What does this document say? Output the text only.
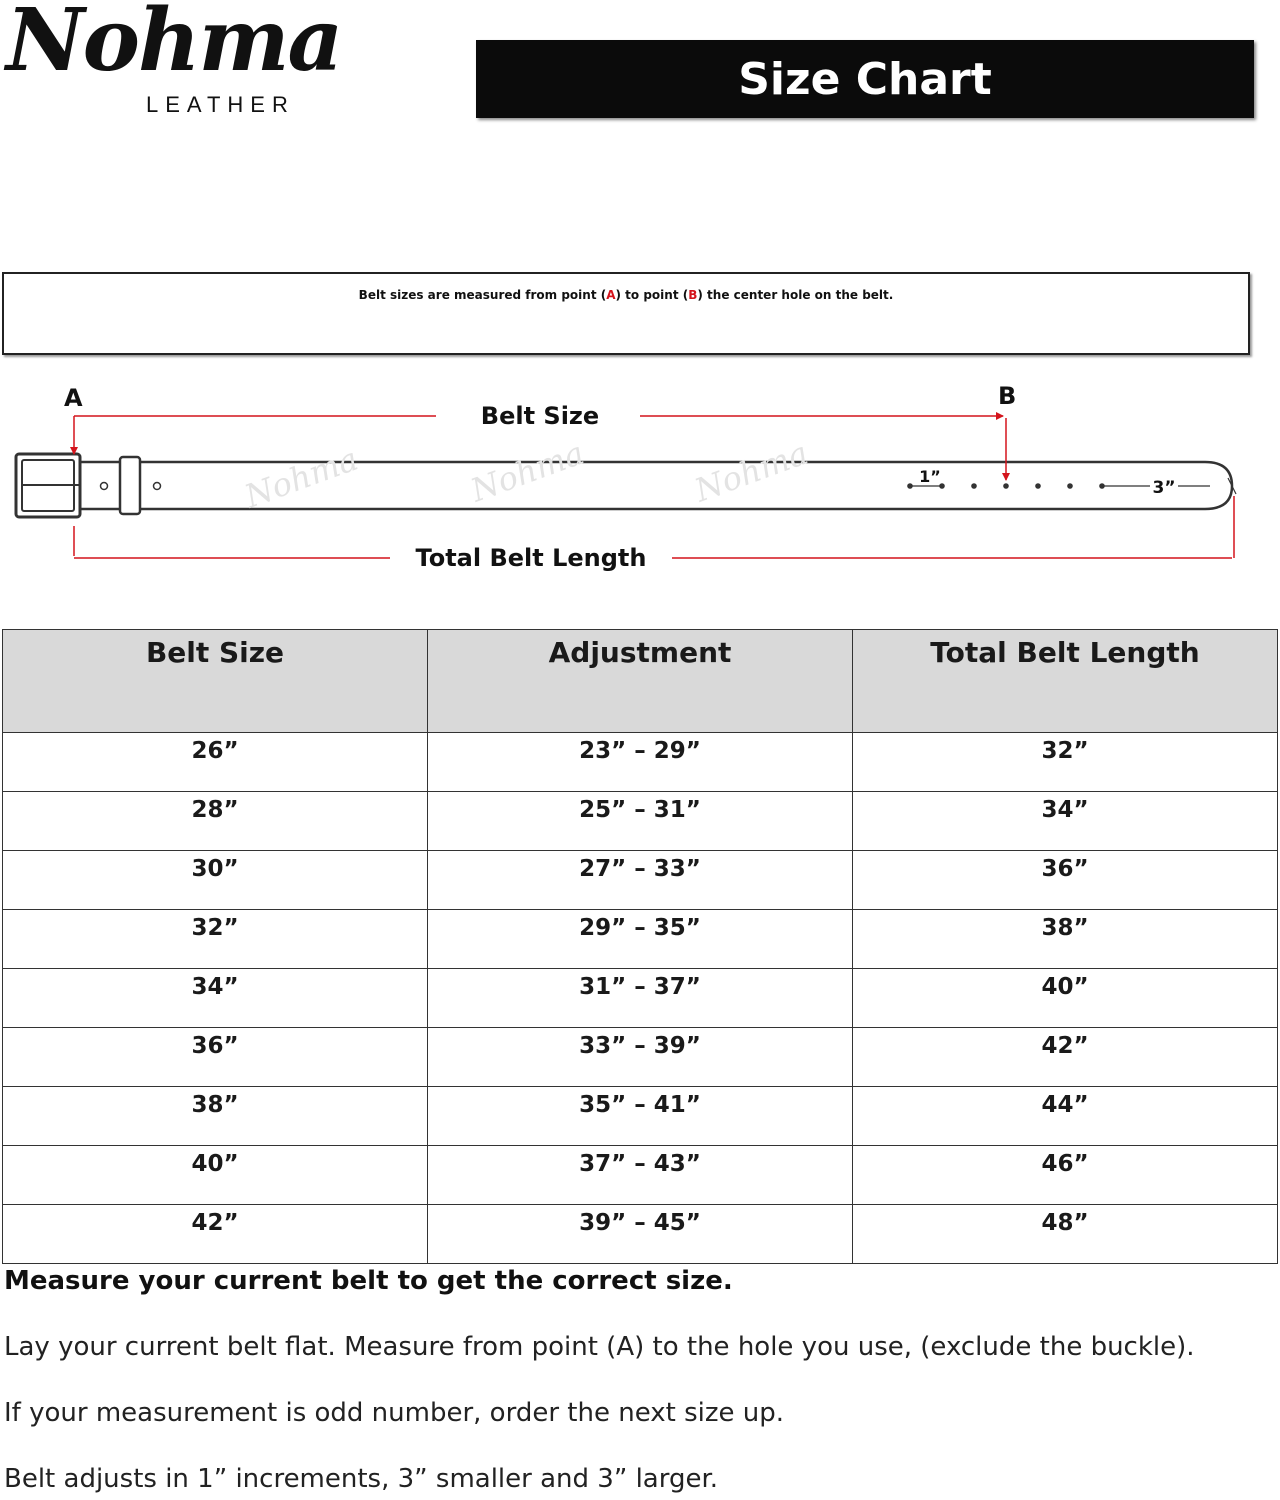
Nohma
LEATHER	Size Chart
Belt sizes are measured from point (A) to point (B) the center hole on the belt.
Nohma	Nohma	Nohma
A	B
Belt Size
Total Belt Length
1”
3”
Belt Size	Adjustment	Total Belt Length
26”	23” – 29”	32”
28”	25” – 31”	34”
30”	27” – 33”	36”
32”	29” – 35”	38”
34”	31” – 37”	40”
36”	33” – 39”	42”
38”	35” – 41”	44”
40”	37” – 43”	46”
42”	39” – 45”	48”
Measure your current belt to get the correct size.
Lay your current belt flat. Measure from point (A) to the hole you use, (exclude the buckle).
If your measurement is odd number, order the next size up.
Belt adjusts in 1” increments, 3” smaller and 3” larger.
